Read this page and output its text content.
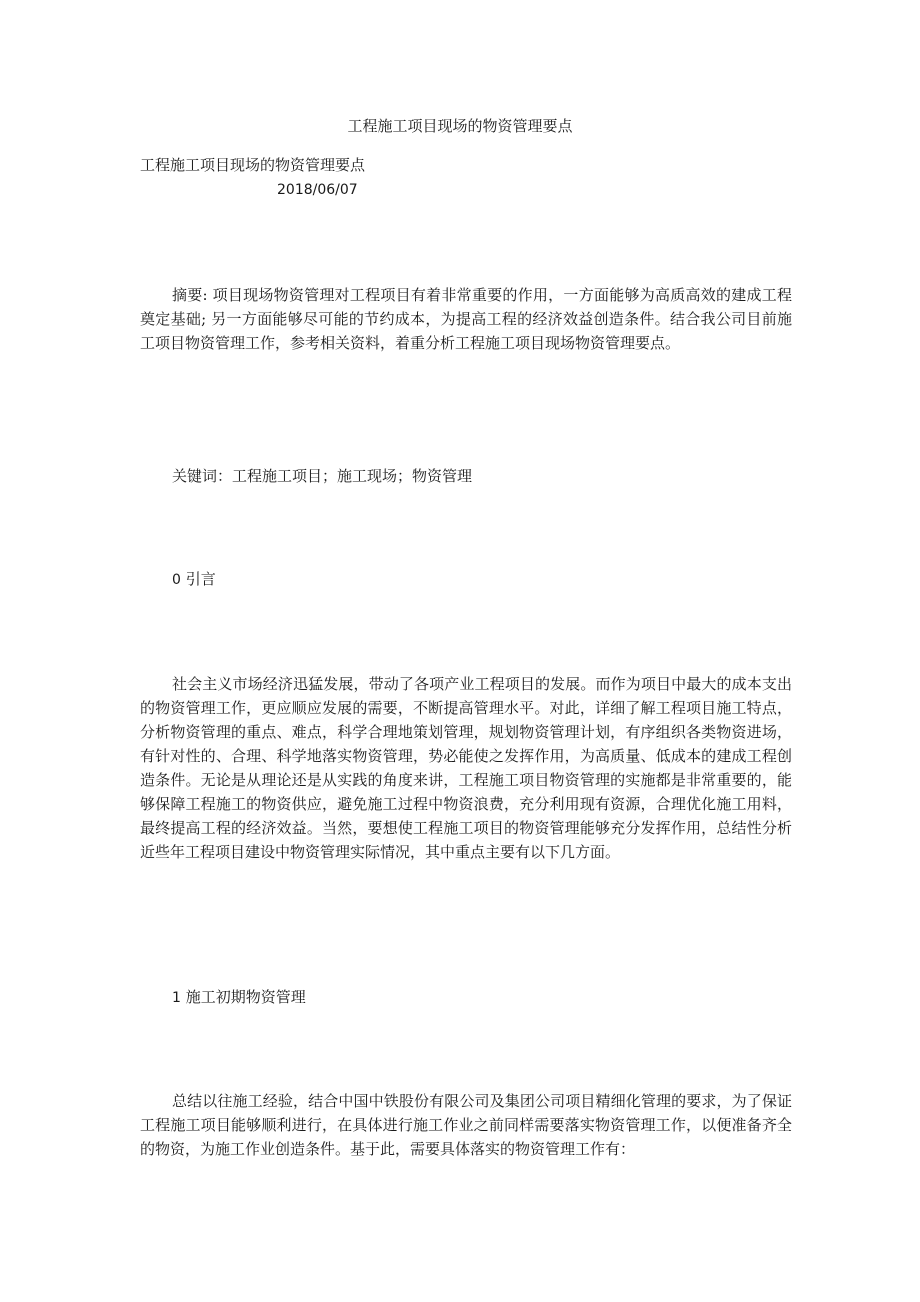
工程施工项目现场的物资管理要点
工程施工项目现场的物资管理要点
2018/06/07

摘要: 项目现场物资管理对工程项目有着非常重要的作用，一方面能够为高质高效的建成工程奠定基础; 另一方面能够尽可能的节约成本，为提高工程的经济效益创造条件。结合我公司目前施工项目物资管理工作，参考相关资料，着重分析工程施工项目现场物资管理要点。

关键词：工程施工项目；施工现场；物资管理

0 引言

社会主义市场经济迅猛发展，带动了各项产业工程项目的发展。而作为项目中最大的成本支出的物资管理工作，更应顺应发展的需要，不断提高管理水平。对此，详细了解工程项目施工特点，分析物资管理的重点、难点，科学合理地策划管理，规划物资管理计划，有序组织各类物资进场，有针对性的、合理、科学地落实物资管理，势必能使之发挥作用，为高质量、低成本的建成工程创造条件。无论是从理论还是从实践的角度来讲，工程施工项目物资管理的实施都是非常重要的，能够保障工程施工的物资供应，避免施工过程中物资浪费，充分利用现有资源，合理优化施工用料，最终提高工程的经济效益。当然，要想使工程施工项目的物资管理能够充分发挥作用，总结性分析近些年工程项目建设中物资管理实际情况，其中重点主要有以下几方面。

1 施工初期物资管理

总结以往施工经验，结合中国中铁股份有限公司及集团公司项目精细化管理的要求，为了保证工程施工项目能够顺利进行，在具体进行施工作业之前同样需要落实物资管理工作，以便准备齐全的物资，为施工作业创造条件。基于此，需要具体落实的物资管理工作有：
